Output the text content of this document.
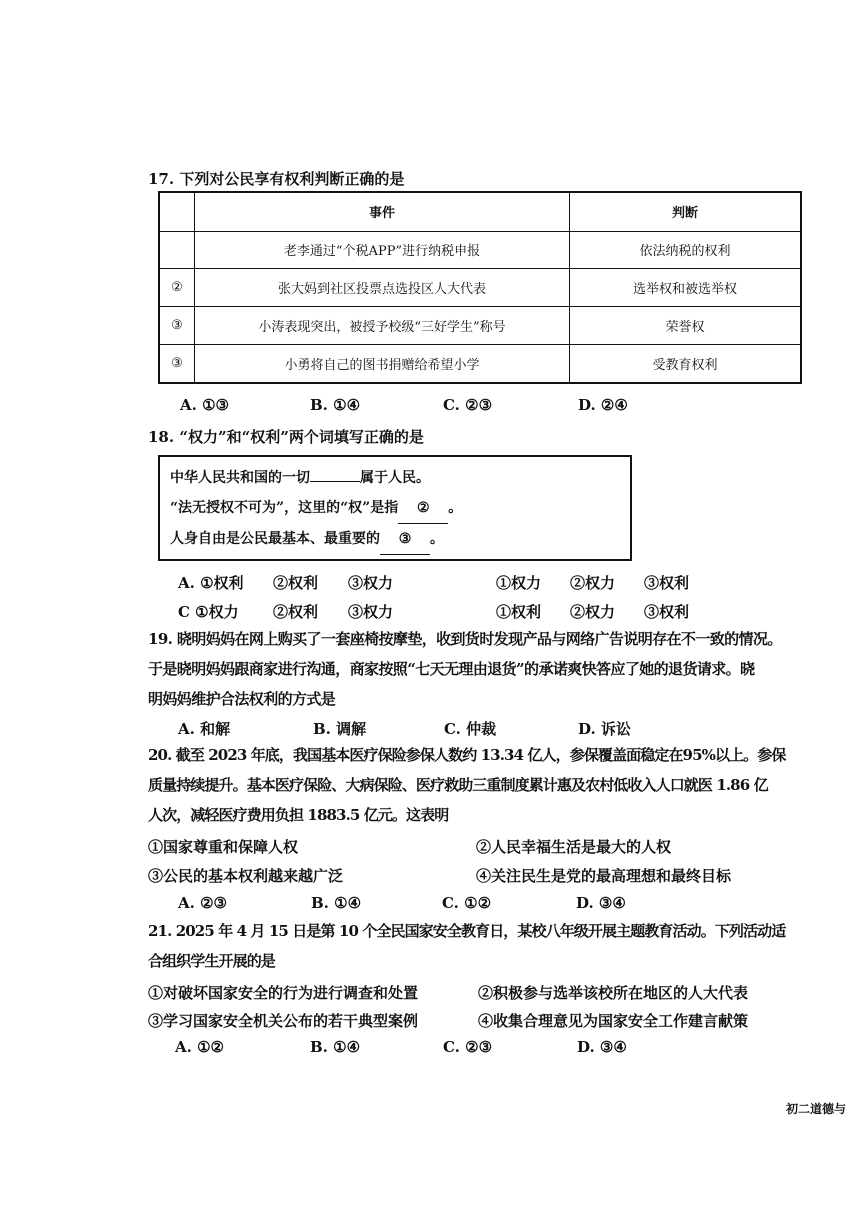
17. 下列对公民享有权利判断正确的是
	事件	判断
	老李通过“个税APP”进行纳税申报	依法纳税的权利
②	张大妈到社区投票点选投区人大代表	选举权和被选举权
③	小涛表现突出，被授予校级“三好学生”称号	荣誉权
③	小勇将自己的图书捐赠给希望小学	受教育权利
A. ①③	B. ①④	C. ②③	D. ②④
18. “权力”和“权利”两个词填写正确的是
中华人民共和国的一切	属于人民。
“法无授权不可为”，这里的“权”是指 ② 。
人身自由是公民最基本、最重要的 ③ 。
A. ①权利 ②权利 ③权力	①权力 ②权力 ③权利
C ①权力 ②权利 ③权力	①权利 ②权力 ③权利
19. 晓明妈妈在网上购买了一套座椅按摩垫，收到货时发现产品与网络广告说明存在不一致的情况。
于是晓明妈妈跟商家进行沟通，商家按照“七天无理由退货”的承诺爽快答应了她的退货请求。晓
明妈妈维护合法权利的方式是
A. 和解	B. 调解	C. 仲裁	D. 诉讼
20. 截至 2023 年底，我国基本医疗保险参保人数约 13.34 亿人，参保覆盖面稳定在95%以上。参保
质量持续提升。基本医疗保险、大病保险、医疗救助三重制度累计惠及农村低收入人口就医 1.86 亿
人次，减轻医疗费用负担 1883.5 亿元。这表明
①国家尊重和保障人权	②人民幸福生活是最大的人权
③公民的基本权利越来越广泛	④关注民生是党的最高理想和最终目标
A. ②③	B. ①④	C. ①②	D. ③④
21. 2025 年 4 月 15 日是第 10 个全民国家安全教育日，某校八年级开展主题教育活动。下列活动适
合组织学生开展的是
①对破坏国家安全的行为进行调查和处置	②积极参与选举该校所在地区的人大代表
③学习国家安全机关公布的若干典型案例	④收集合理意见为国家安全工作建言献策
A. ①②	B. ①④	C. ②③	D. ③④
初二道德与
